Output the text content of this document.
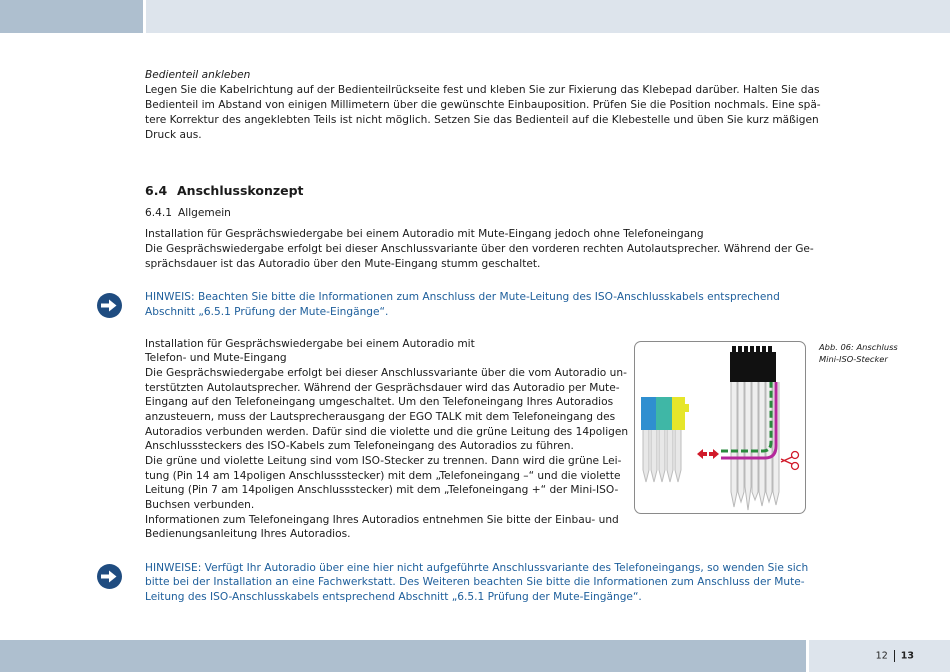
Bedienteil ankleben
Legen Sie die Kabelrichtung auf der Bedienteilrückseite fest und kleben Sie zur Fixierung das Klebepad darüber. Halten Sie das
Bedienteil im Abstand von einigen Millimetern über die gewünschte Einbauposition. Prüfen Sie die Position nochmals. Eine spä-
tere Korrektur des angeklebten Teils ist nicht möglich. Setzen Sie das Bedienteil auf die Klebestelle und üben Sie kurz mäßigen
Druck aus.
6.4 Anschlusskonzept
6.4.1 Allgemein
Installation für Gesprächswiedergabe bei einem Autoradio mit Mute-Eingang jedoch ohne Telefoneingang
Die Gesprächswiedergabe erfolgt bei dieser Anschlussvariante über den vorderen rechten Autolautsprecher. Während der Ge-
sprächsdauer ist das Autoradio über den Mute-Eingang stumm geschaltet.
HINWEIS: Beachten Sie bitte die Informationen zum Anschluss der Mute-Leitung des ISO-Anschlusskabels entsprechend
Abschnitt „6.5.1 Prüfung der Mute-Eingänge“.
Installation für Gesprächswiedergabe bei einem Autoradio mit
Telefon- und Mute-Eingang
Die Gesprächswiedergabe erfolgt bei dieser Anschlussvariante über die vom Autoradio un-
terstützten Autolautsprecher. Während der Gesprächsdauer wird das Autoradio per Mute-
Eingang auf den Telefoneingang umgeschaltet. Um den Telefoneingang Ihres Autoradios
anzusteuern, muss der Lautsprecherausgang der EGO TALK mit dem Telefoneingang des
Autoradios verbunden werden. Dafür sind die violette und die grüne Leitung des 14poligen
Anschlusssteckers des ISO-Kabels zum Telefoneingang des Autoradios zu führen.
Die grüne und violette Leitung sind vom ISO-Stecker zu trennen. Dann wird die grüne Lei-
tung (Pin 14 am 14poligen Anschlussstecker) mit dem „Telefoneingang –“ und die violette
Leitung (Pin 7 am 14poligen Anschlussstecker) mit dem „Telefoneingang +“ der Mini-ISO-
Buchsen verbunden.
Informationen zum Telefoneingang Ihres Autoradios entnehmen Sie bitte der Einbau- und
Bedienungsanleitung Ihres Autoradios.
Abb. 06: Anschluss
Mini-ISO-Stecker
HINWEISE: Verfügt Ihr Autoradio über eine hier nicht aufgeführte Anschlussvariante des Telefoneingangs, so wenden Sie sich
bitte bei der Installation an eine Fachwerkstatt. Des Weiteren beachten Sie bitte die Informationen zum Anschluss der Mute-
Leitung des ISO-Anschlusskabels entsprechend Abschnitt „6.5.1 Prüfung der Mute-Eingänge“.
12 13
